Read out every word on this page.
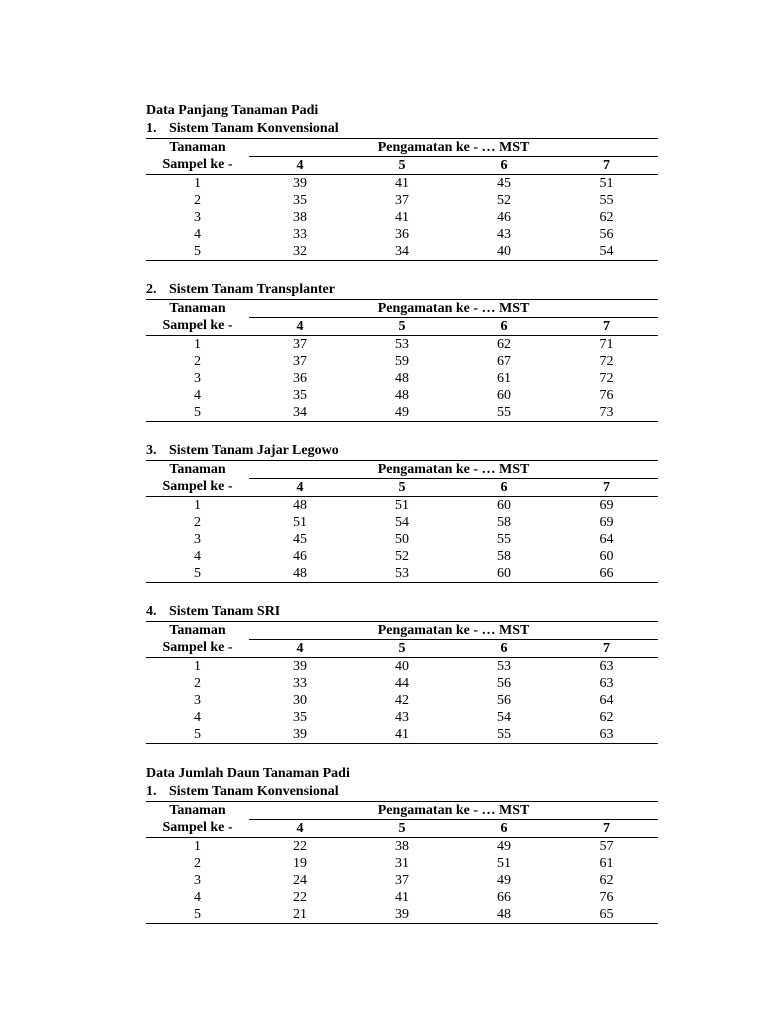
Data Panjang Tanaman Padi
1. Sistem Tanam Konvensional
Tanaman	Pengamatan ke - … MST			
Sampel ke -	4	5	6	7
1	39	41	45	51
2	35	37	52	55
3	38	41	46	62
4	33	36	43	56
5	32	34	40	54
2. Sistem Tanam Transplanter
Tanaman	Pengamatan ke - … MST			
Sampel ke -	4	5	6	7
1	37	53	62	71
2	37	59	67	72
3	36	48	61	72
4	35	48	60	76
5	34	49	55	73
3. Sistem Tanam Jajar Legowo
Tanaman	Pengamatan ke - … MST			
Sampel ke -	4	5	6	7
1	48	51	60	69
2	51	54	58	69
3	45	50	55	64
4	46	52	58	60
5	48	53	60	66
4. Sistem Tanam SRI
Tanaman	Pengamatan ke - … MST			
Sampel ke -	4	5	6	7
1	39	40	53	63
2	33	44	56	63
3	30	42	56	64
4	35	43	54	62
5	39	41	55	63
Data Jumlah Daun Tanaman Padi
1. Sistem Tanam Konvensional
Tanaman	Pengamatan ke - … MST			
Sampel ke -	4	5	6	7
1	22	38	49	57
2	19	31	51	61
3	24	37	49	62
4	22	41	66	76
5	21	39	48	65
